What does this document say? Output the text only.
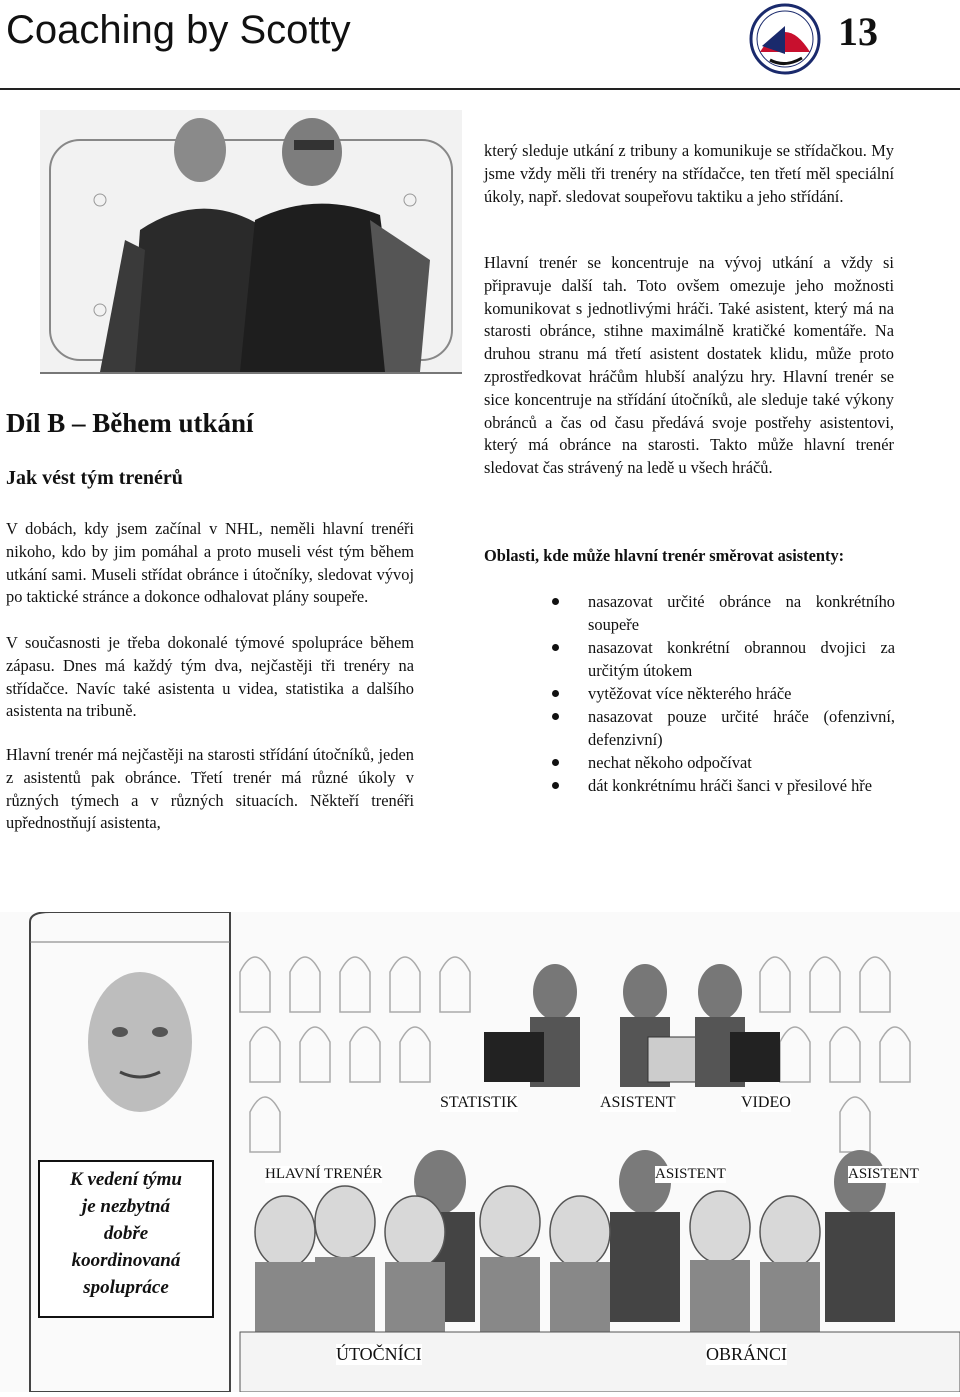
Coaching by Scotty	13
Díl B – Během utkání
Jak vést tým trenérů
V dobách, kdy jsem začínal v NHL, neměli hlavní trenéři nikoho, kdo by jim pomáhal a proto museli vést tým během utkání sami. Museli střídat obránce i útočníky, sledovat vývoj po taktické stránce a dokonce odhalovat plány soupeře.
V současnosti je třeba dokonalé týmové spolupráce během zápasu. Dnes má každý tým dva, nejčastěji tři trenéry na střídačce. Navíc také asistenta u videa, statistika a dalšího asistenta na tribuně.
Hlavní trenér má nejčastěji na starosti střídání útočníků, jeden z asistentů pak obránce. Třetí trenér má různé úkoly v různých týmech a v různých situacích. Někteří trenéři upřednostňují asistenta,
který sleduje utkání z tribuny a komunikuje se střídačkou. My jsme vždy měli tři trenéry na střídačce, ten třetí měl speciální úkoly, např. sledovat soupeřovu taktiku a jeho střídání.
Hlavní trenér se koncentruje na vývoj utkání a vždy si připravuje další tah. Toto ovšem omezuje jeho možnosti komunikovat s jednotlivými hráči. Také asistent, který má na starosti obránce, stihne maximálně kratičké komentáře. Na druhou stranu má třetí asistent dostatek klidu, může proto zprostředkovat hráčům hlubší analýzu hry. Hlavní trenér se sice koncentruje na střídání útočníků, ale sleduje také výkony obránců a čas od času předává svoje postřehy asistentovi, který má obránce na starosti. Takto může hlavní trenér sledovat čas strávený na ledě u všech hráčů.
Oblasti, kde může hlavní trenér směrovat asistenty:
nasazovat určité obránce na konkrétního soupeře
nasazovat konkrétní obrannou dvojici za určitým útokem
vytěžovat více některého hráče
nasazovat pouze určité hráče (ofenzivní, defenzivní)
nechat někoho odpočívat
dát konkrétnímu hráči šanci v přesilové hře
STATISTIK	ASISTENT	VIDEO
HLAVNÍ TRENÉR	ASISTENT	ASISTENT
ÚTOČNÍCI	OBRÁNCI
K vedení týmu
je nezbytná
dobře
koordinovaná
spolupráce
